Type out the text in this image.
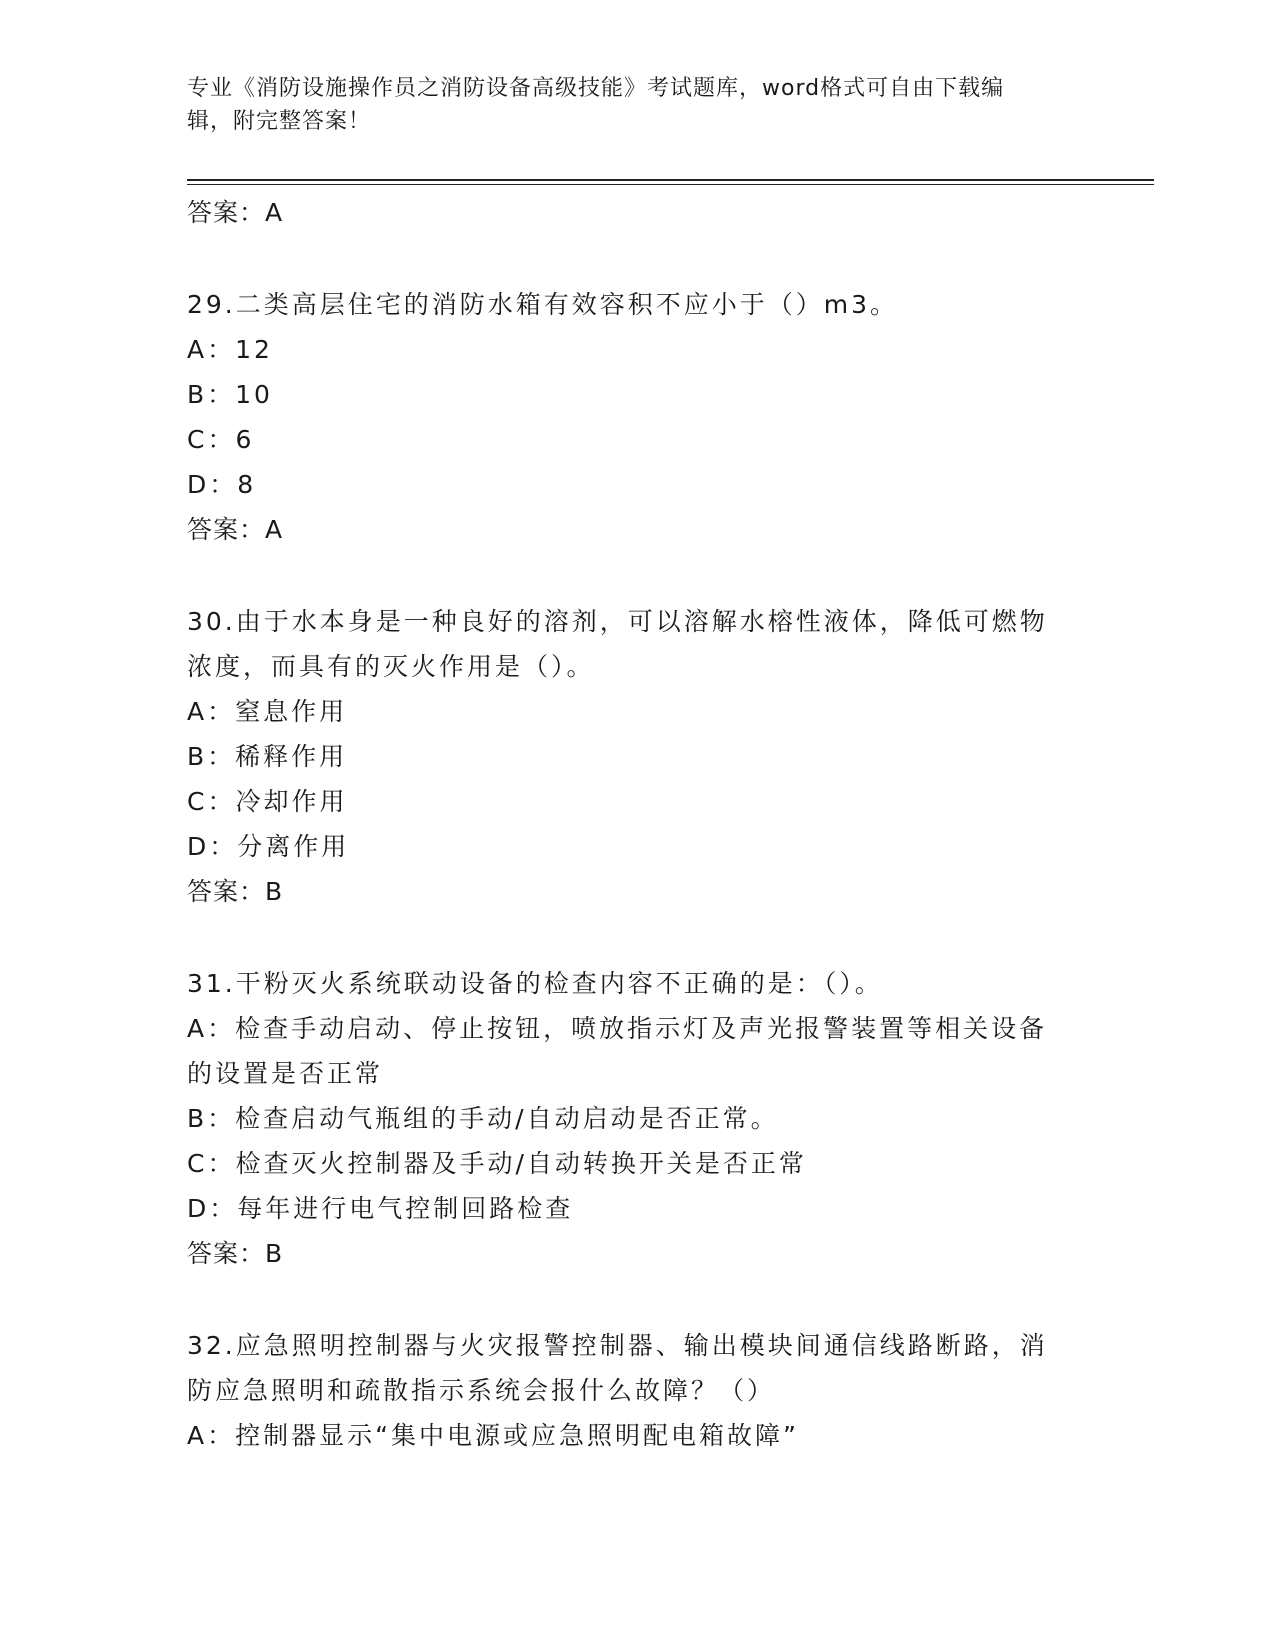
专业《消防设施操作员之消防设备高级技能》考试题库，word格式可自由下载编
辑，附完整答案！
答案：A
29.二类高层住宅的消防水箱有效容积不应小于（）m3。
A：12
B：10
C：6
D：8
答案：A
30.由于水本身是一种良好的溶剂，可以溶解水榕性液体，降低可燃物
浓度，而具有的灭火作用是（）。
A：窒息作用
B：稀释作用
C：冷却作用
D：分离作用
答案：B
31.干粉灭火系统联动设备的检查内容不正确的是：（）。
A：检查手动启动、停止按钮，喷放指示灯及声光报警装置等相关设备
的设置是否正常
B：检查启动气瓶组的手动/自动启动是否正常。
C：检查灭火控制器及手动/自动转换开关是否正常
D：每年进行电气控制回路检查
答案：B
32.应急照明控制器与火灾报警控制器、输出模块间通信线路断路，消
防应急照明和疏散指示系统会报什么故障？（）
A：控制器显示“集中电源或应急照明配电箱故障”
